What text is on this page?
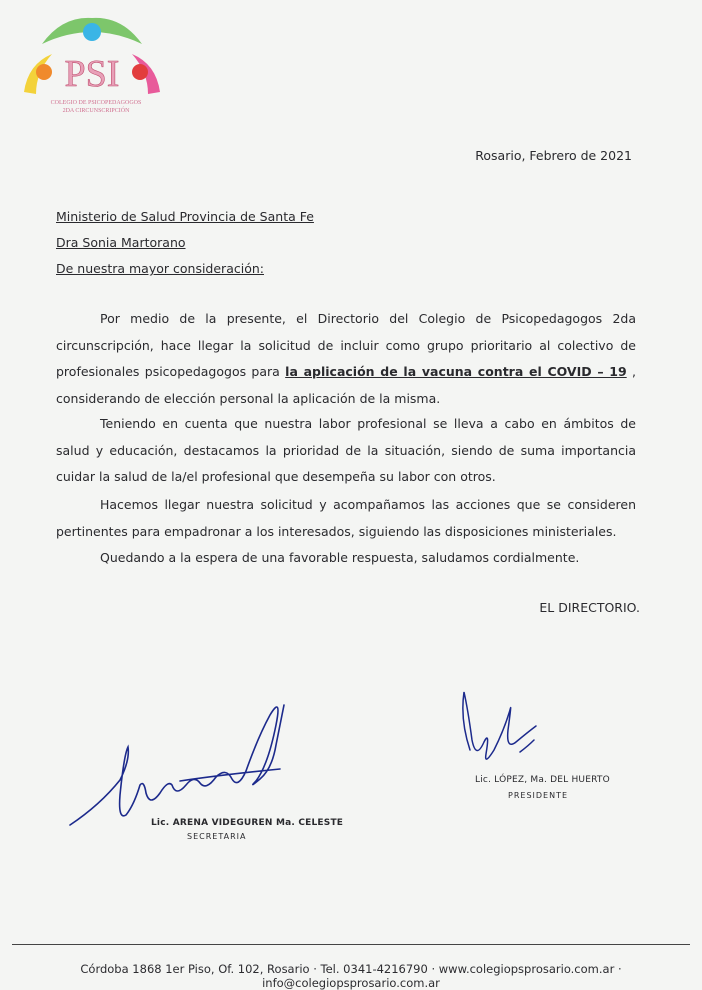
PSI
COLEGIO DE PSICOPEDAGOGOS
2DA CIRCUNSCRIPCIÓN
Rosario, Febrero de 2021
Ministerio de Salud Provincia de Santa Fe
Dra Sonia Martorano
De nuestra mayor consideración:
Por medio de la presente, el Directorio del Colegio de Psicopedagogos 2da circunscripción, hace llegar la solicitud de incluir como grupo prioritario al colectivo de profesionales psicopedagogos para la aplicación de la vacuna contra el COVID – 19 , considerando de elección personal la aplicación de la misma.
Teniendo en cuenta que nuestra labor profesional se lleva a cabo en ámbitos de salud y educación, destacamos la prioridad de la situación, siendo de suma importancia cuidar la salud de la/el profesional que desempeña su labor con otros.
Hacemos llegar nuestra solicitud y acompañamos las acciones que se consideren pertinentes para empadronar a los interesados, siguiendo las disposiciones ministeriales.
Quedando a la espera de una favorable respuesta, saludamos cordialmente.
EL DIRECTORIO.
Lic. ARENA VIDEGUREN Ma. CELESTE
SECRETARIA
Lic. LÓPEZ, Ma. DEL HUERTO
PRESIDENTE
Córdoba 1868 1er Piso, Of. 102, Rosario · Tel. 0341-4216790 · www.colegiopsprosario.com.ar · info@colegiopsprosario.com.ar
